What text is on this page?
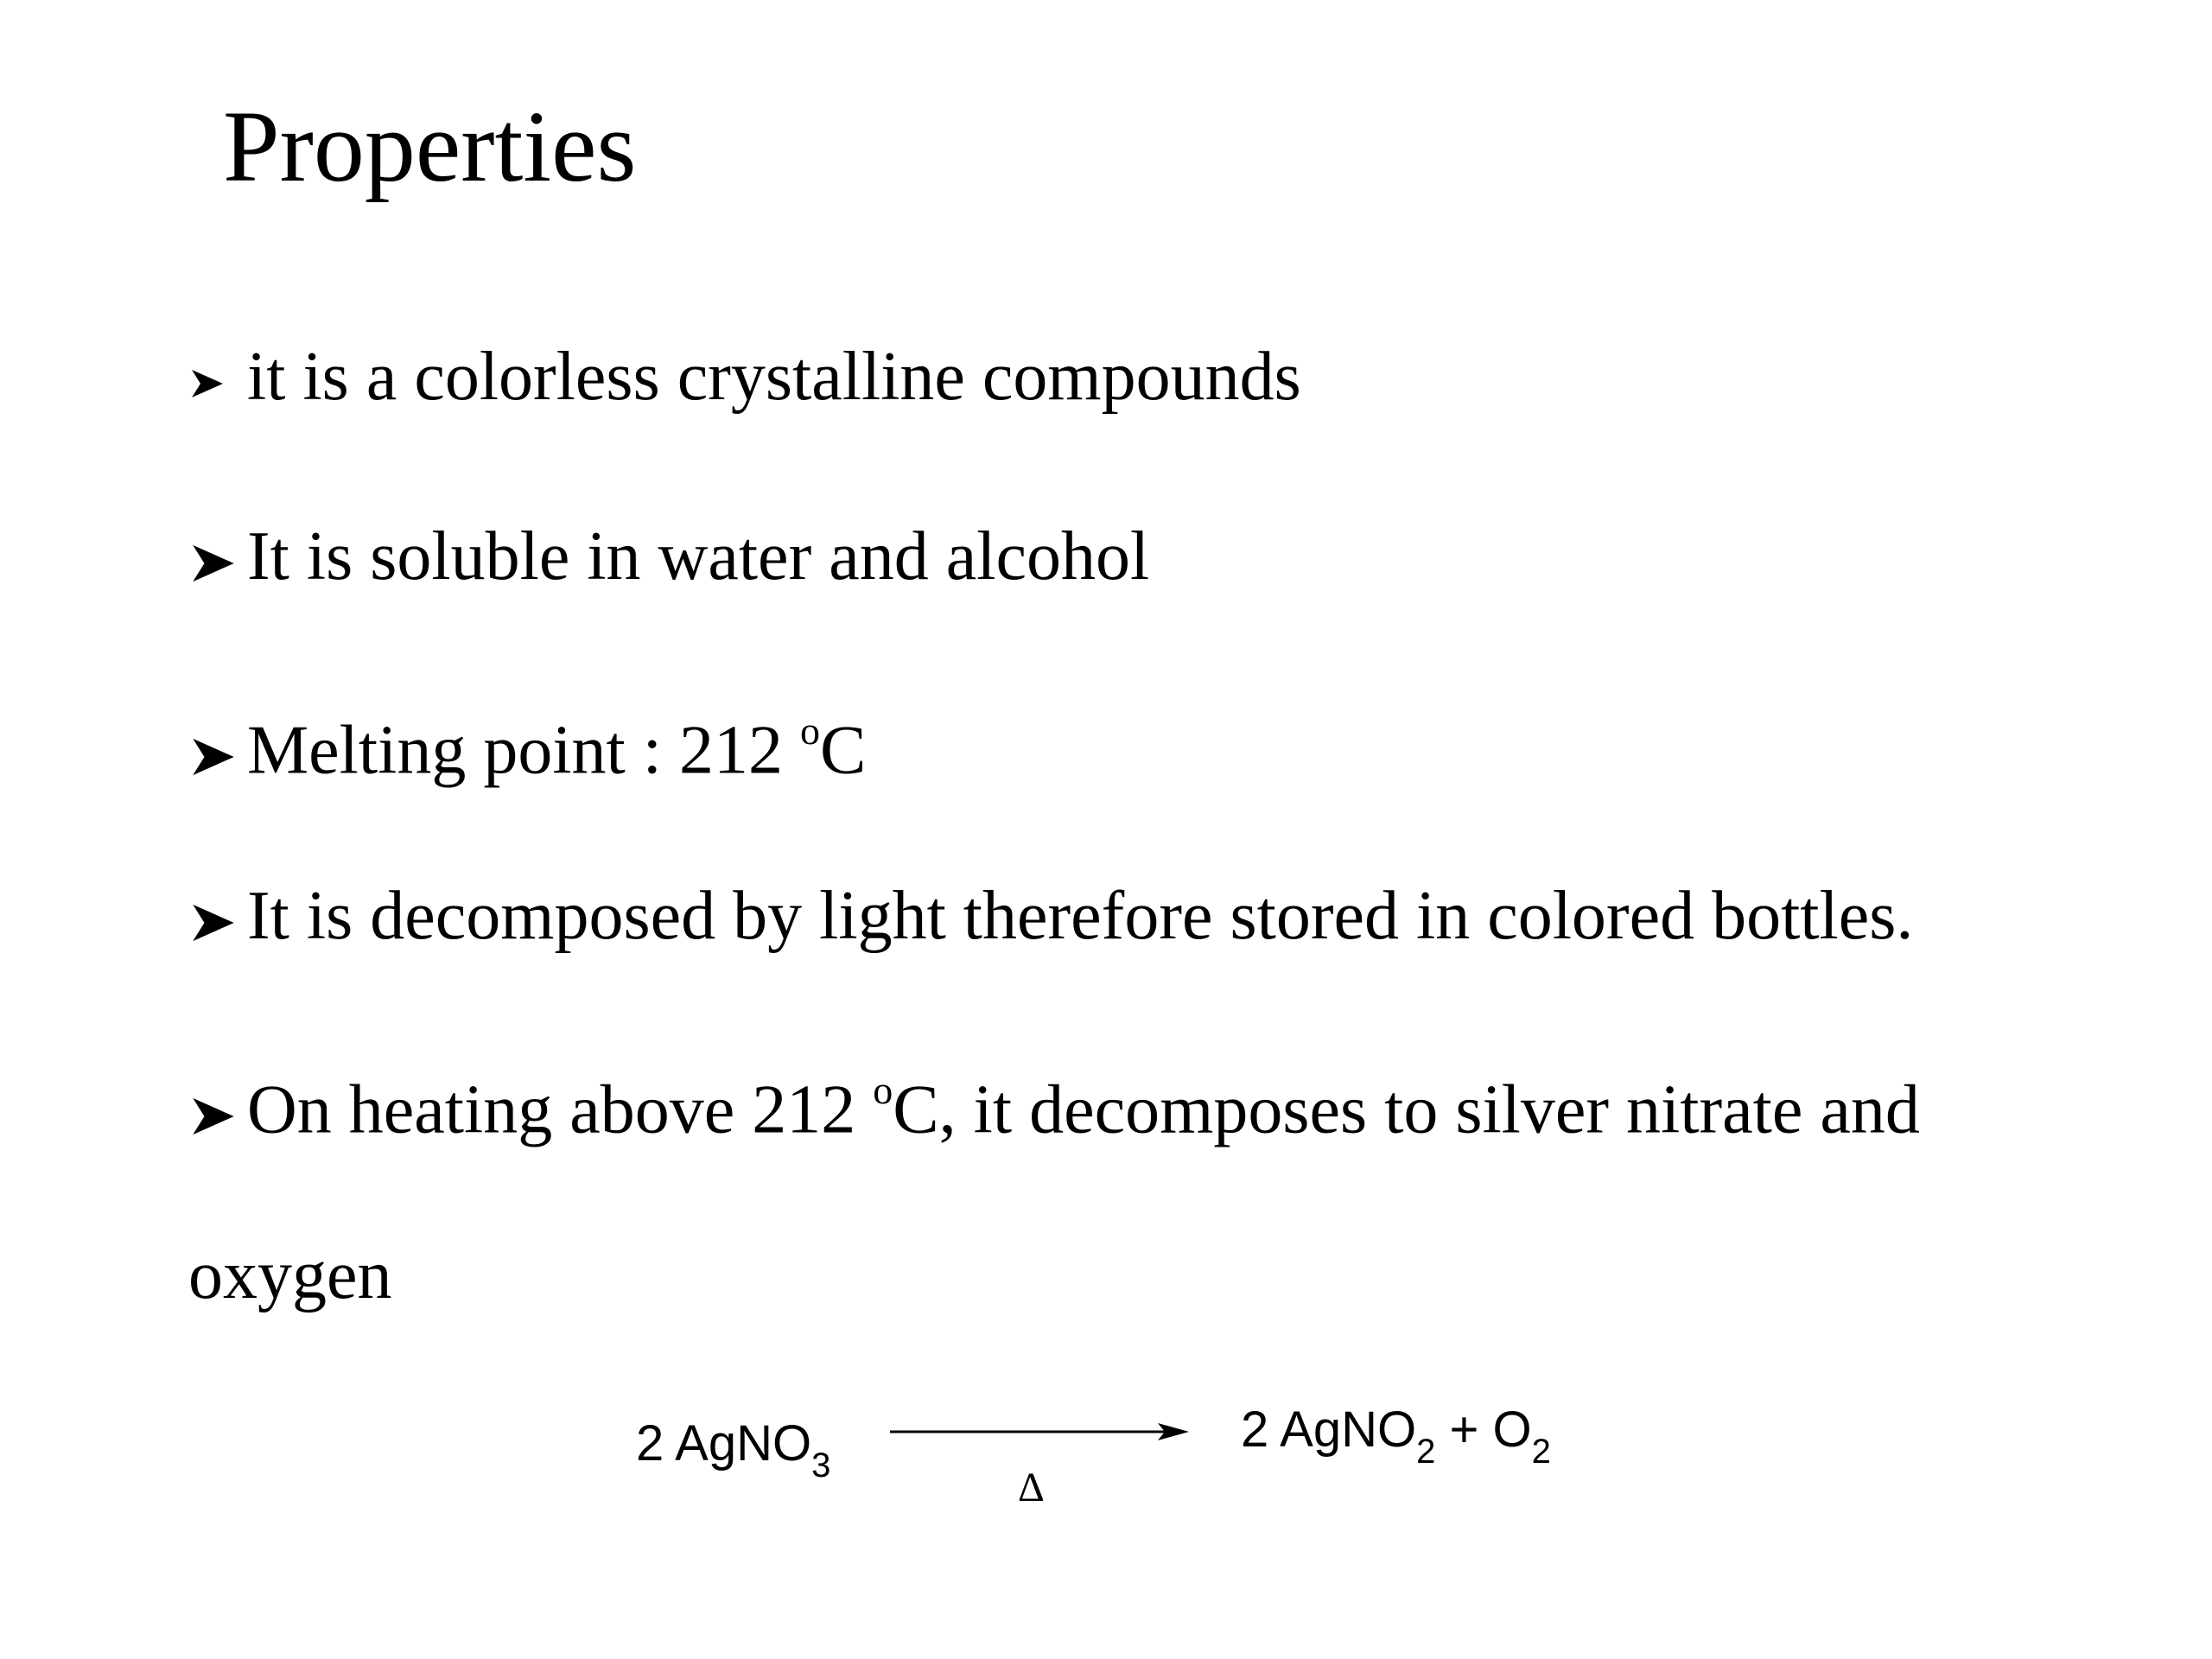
Properties
it is a colorless crystalline compounds
It is soluble in water and alcohol
Melting point : 212 $^o$C
It is decomposed by light therefore stored in colored bottles.
On heating above 212 $^o$C, it decomposes to silver nitrate and
oxygen
2 AgNO$_3$	Δ
2 AgNO$_2$ + $O_2$
